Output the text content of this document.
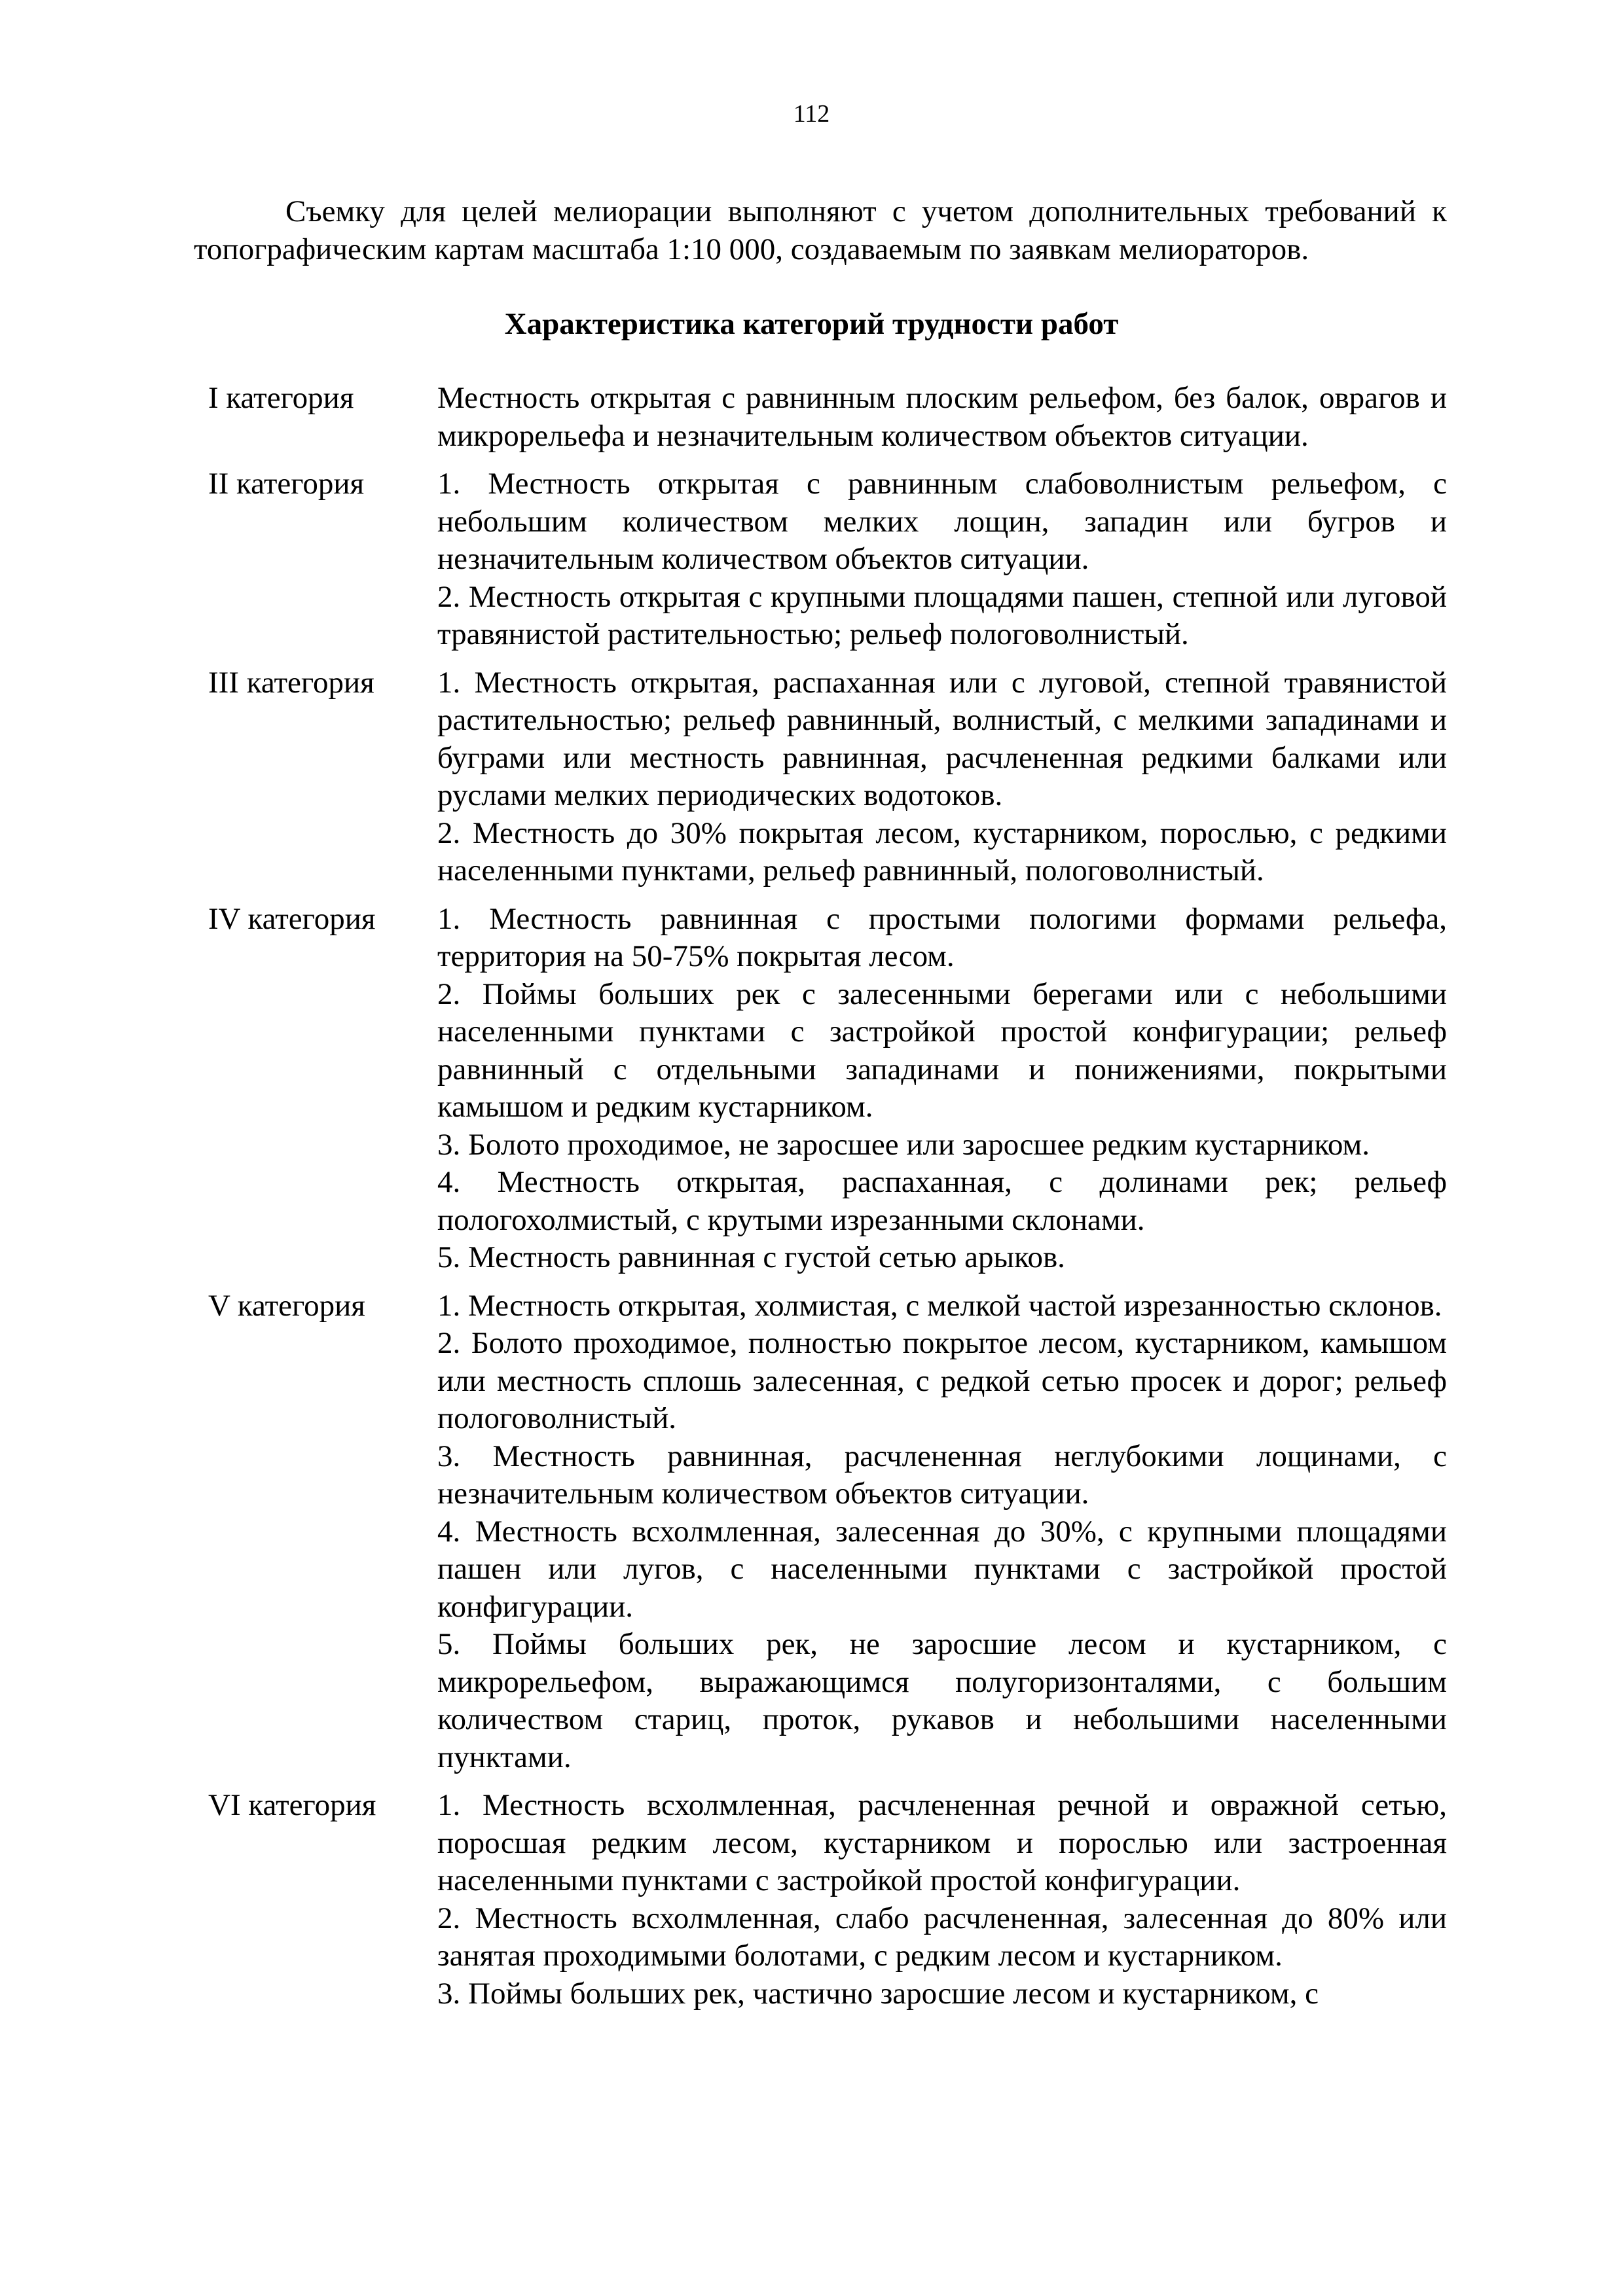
112

Съемку для целей мелиорации выполняют с учетом дополнительных требований к топографическим картам масштаба 1:10 000, создаваемым по заявкам мелиораторов.

Характеристика категорий трудности работ
I категория	Местность открытая с равнинным плоским рельефом, без балок, оврагов и микрорельефа и незначительным количеством объектов ситуации.

II категория	1. Местность открытая с равнинным слабоволнистым рельефом, с небольшим количеством мелких лощин, западин или бугров и незначительным количеством объектов ситуации.

2. Местность открытая с крупными площадями пашен, степной или луговой травянистой растительностью; рельеф пологоволнистый.

III категория	1. Местность открытая, распаханная или с луговой, степной травянистой растительностью; рельеф равнинный, волнистый, с мелкими западинами и буграми или местность равнинная, расчлененная редкими балками или руслами мелких периодических водотоков.

2. Местность до 30% покрытая лесом, кустарником, порослью, с редкими населенными пунктами, рельеф равнинный, пологоволнистый.

IV категория	1. Местность равнинная с простыми пологими формами рельефа, территория на 50-75% покрытая лесом.

2. Поймы больших рек с залесенными берегами или с небольшими населенными пунктами с застройкой простой конфигурации; рельеф равнинный с отдельными западинами и понижениями, покрытыми камышом и редким кустарником.

3. Болото проходимое, не заросшее или заросшее редким кустарником.

4. Местность открытая, распаханная, с долинами рек; рельеф пологохолмистый, с крутыми изрезанными склонами.

5. Местность равнинная с густой сетью арыков.

V категория	1. Местность открытая, холмистая, с мелкой частой изрезанностью склонов.

2. Болото проходимое, полностью покрытое лесом, кустарником, камышом или местность сплошь залесенная, с редкой сетью просек и дорог; рельеф пологоволнистый.

3. Местность равнинная, расчлененная неглубокими лощинами, с незначительным количеством объектов ситуации.

4. Местность всхолмленная, залесенная до 30%, с крупными площадями пашен или лугов, с населенными пунктами с застройкой простой конфигурации.

5. Поймы больших рек, не заросшие лесом и кустарником, с микрорельефом, выражающимся полугоризонталями, с большим количеством стариц, проток, рукавов и небольшими населенными пунктами.

VI категория	1. Местность всхолмленная, расчлененная речной и овражной сетью, поросшая редким лесом, кустарником и порослью или застроенная населенными пунктами с застройкой простой конфигурации.

2. Местность всхолмленная, слабо расчлененная, залесенная до 80% или занятая проходимыми болотами, с редким лесом и кустарником.

3. Поймы больших рек, частично заросшие лесом и кустарником, с
